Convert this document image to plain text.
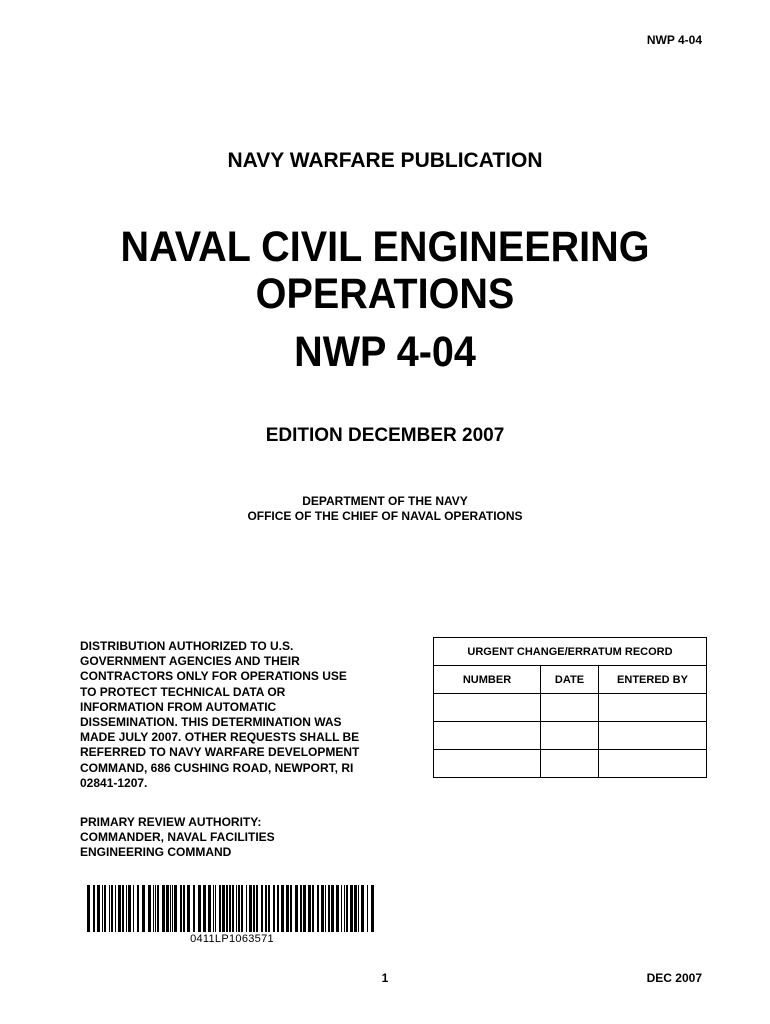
NWP 4-04
NAVY WARFARE PUBLICATION
NAVAL CIVIL ENGINEERING
OPERATIONS
NWP 4-04
EDITION DECEMBER 2007
DEPARTMENT OF THE NAVY
OFFICE OF THE CHIEF OF NAVAL OPERATIONS
DISTRIBUTION AUTHORIZED TO U.S.
GOVERNMENT AGENCIES AND THEIR
CONTRACTORS ONLY FOR OPERATIONS USE
TO PROTECT TECHNICAL DATA OR
INFORMATION FROM AUTOMATIC
DISSEMINATION. THIS DETERMINATION WAS
MADE JULY 2007. OTHER REQUESTS SHALL BE
REFERRED TO NAVY WARFARE DEVELOPMENT
COMMAND, 686 CUSHING ROAD, NEWPORT, RI
02841-1207.
PRIMARY REVIEW AUTHORITY:
COMMANDER, NAVAL FACILITIES
ENGINEERING COMMAND
URGENT CHANGE/ERRATUM RECORD		
NUMBER	DATE	ENTERED BY

0411LP1063571
1	DEC 2007
